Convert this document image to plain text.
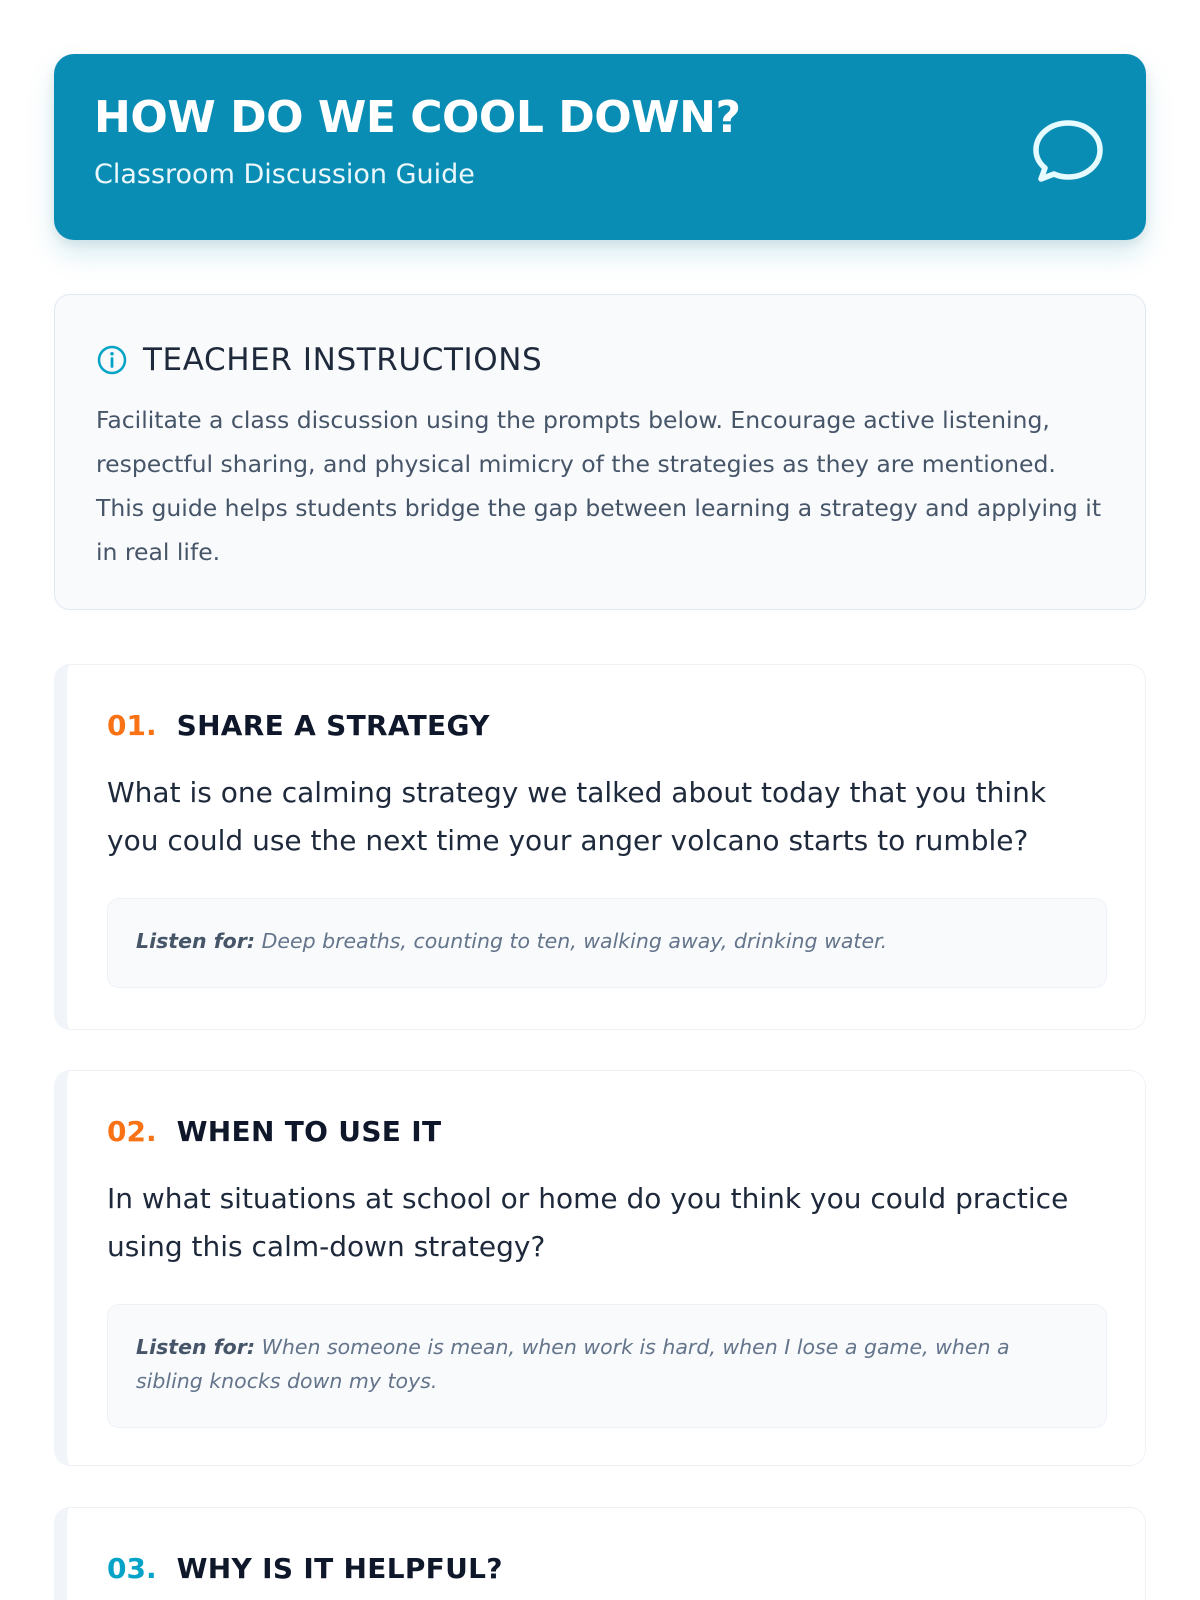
HOW DO WE COOL DOWN?
Classroom Discussion Guide
TEACHER INSTRUCTIONS
Facilitate a class discussion using the prompts below. Encourage active listening, respectful sharing, and physical mimicry of the strategies as they are mentioned. This guide helps students bridge the gap between learning a strategy and applying it in real life.
01. SHARE A STRATEGY
What is one calming strategy we talked about today that you think you could use the next time your anger volcano starts to rumble?
Listen for: Deep breaths, counting to ten, walking away, drinking water.
02. WHEN TO USE IT
In what situations at school or home do you think you could practice using this calm-down strategy?
Listen for: When someone is mean, when work is hard, when I lose a game, when a sibling knocks down my toys.
03. WHY IS IT HELPFUL?
